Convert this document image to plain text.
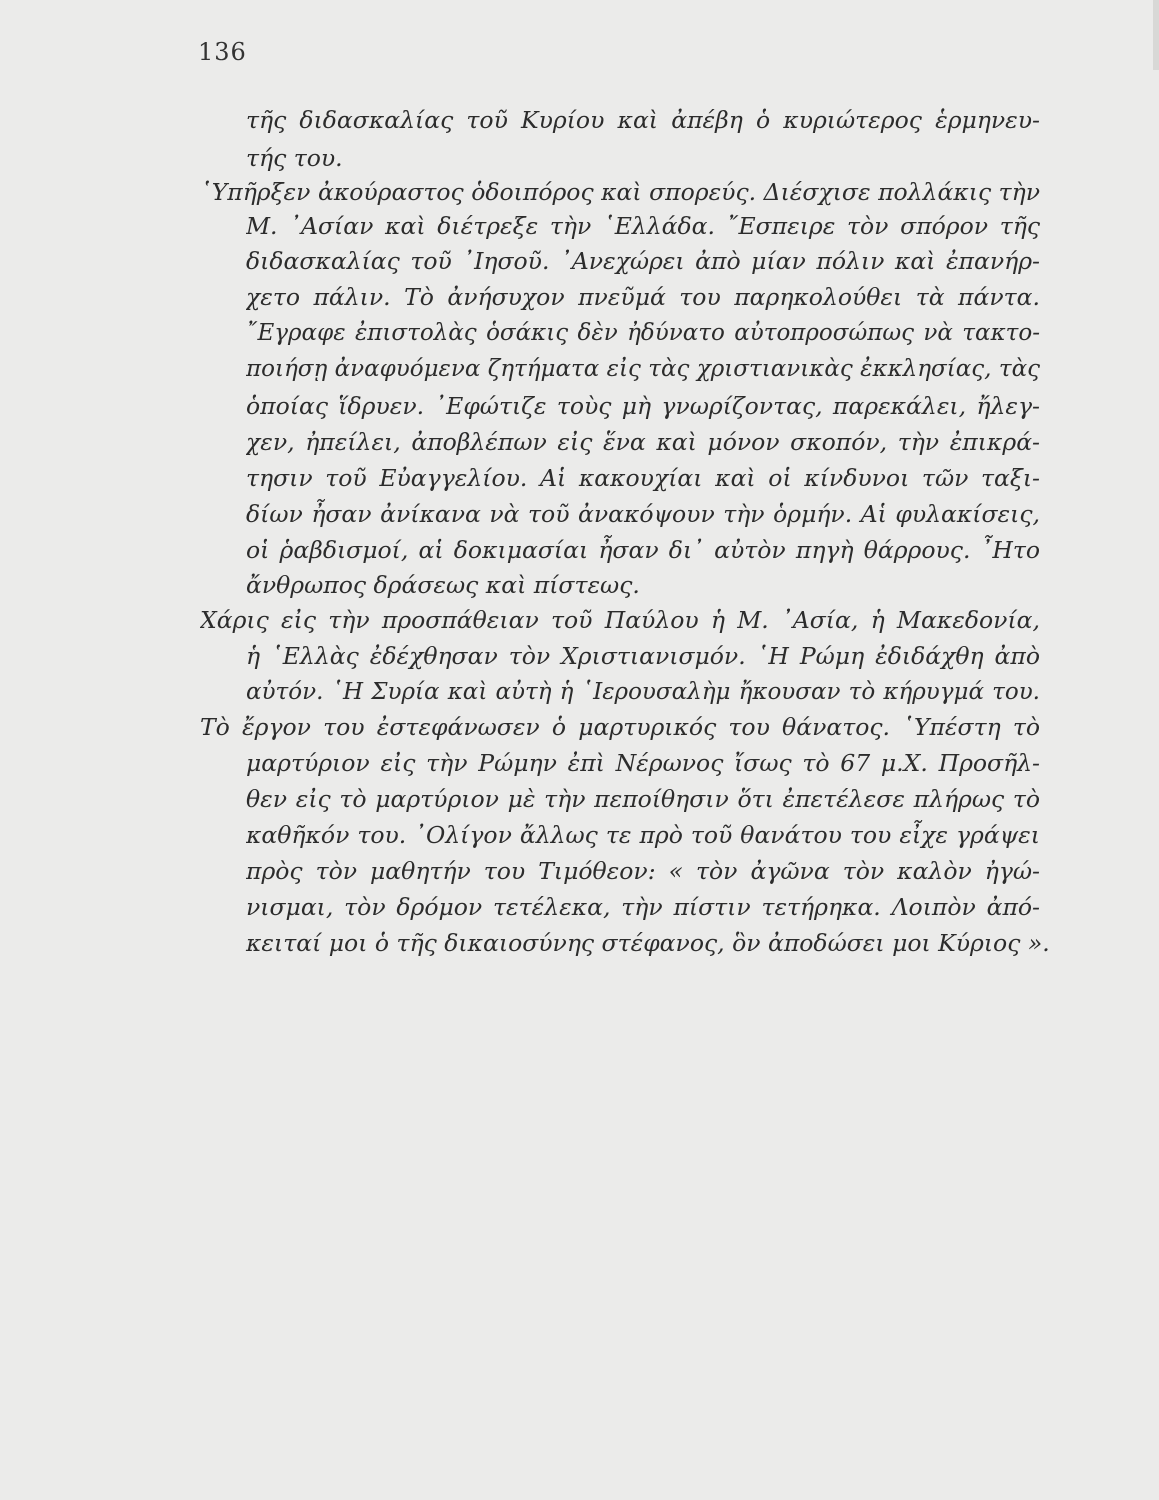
136
τῆς διδασκαλίας τοῦ Κυρίου καὶ ἀπέβη ὁ κυριώτερος ἑρμηνευ-
τής του.
῾Υπῆρξεν ἀκούραστος ὁδοιπόρος καὶ σπορεύς. Διέσχισε πολλάκις τὴν
Μ. ᾿Ασίαν καὶ διέτρεξε τὴν ῾Ελλάδα. ῎Εσπειρε τὸν σπόρον τῆς
διδασκαλίας τοῦ ᾿Ιησοῦ. ᾿Ανεχώρει ἀπὸ μίαν πόλιν καὶ ἐπανήρ-
χετο πάλιν. Τὸ ἀνήσυχον πνεῦμά του παρηκολούθει τὰ πάντα.
῎Εγραφε ἐπιστολὰς ὁσάκις δὲν ἠδύνατο αὐτοπροσώπως νὰ τακτο-
ποιήσῃ ἀναφυόμενα ζητήματα εἰς τὰς χριστιανικὰς ἐκκλησίας, τὰς
ὁποίας ἵδρυεν. ᾿Εφώτιζε τοὺς μὴ γνωρίζοντας, παρεκάλει, ἤλεγ-
χεν, ἠπείλει, ἀποβλέπων εἰς ἕνα καὶ μόνον σκοπόν, τὴν ἐπικρά-
τησιν τοῦ Εὐαγγελίου. Αἱ κακουχίαι καὶ οἱ κίνδυνοι τῶν ταξι-
δίων ἦσαν ἀνίκανα νὰ τοῦ ἀνακόψουν τὴν ὁρμήν. Αἱ φυλακίσεις,
οἱ ῥαβδισμοί, αἱ δοκιμασίαι ἦσαν δι᾿ αὐτὸν πηγὴ θάρρους. ῏Ητο
ἄνθρωπος δράσεως καὶ πίστεως.
Χάρις εἰς τὴν προσπάθειαν τοῦ Παύλου ἡ Μ. ᾿Ασία, ἡ Μακεδονία,
ἡ ῾Ελλὰς ἐδέχθησαν τὸν Χριστιανισμόν. ῾Η Ρώμη ἐδιδάχθη ἀπὸ
αὐτόν. ῾Η Συρία καὶ αὐτὴ ἡ ῾Ιερουσαλὴμ ἤκουσαν τὸ κήρυγμά του.
Τὸ ἔργον του ἐστεφάνωσεν ὁ μαρτυρικός του θάνατος. ῾Υπέστη τὸ
μαρτύριον εἰς τὴν Ρώμην ἐπὶ Νέρωνος ἴσως τὸ 67 μ.Χ. Προσῆλ-
θεν εἰς τὸ μαρτύριον μὲ τὴν πεποίθησιν ὅτι ἐπετέλεσε πλήρως τὸ
καθῆκόν του. ᾿Ολίγον ἄλλως τε πρὸ τοῦ θανάτου του εἶχε γράψει
πρὸς τὸν μαθητήν του Τιμόθεον: « τὸν ἀγῶνα τὸν καλὸν ἠγώ-
νισμαι, τὸν δρόμον τετέλεκα, τὴν πίστιν τετήρηκα. Λοιπὸν ἀπό-
κειταί μοι ὁ τῆς δικαιοσύνης στέφανος, ὃν ἀποδώσει μοι Κύριος ».
